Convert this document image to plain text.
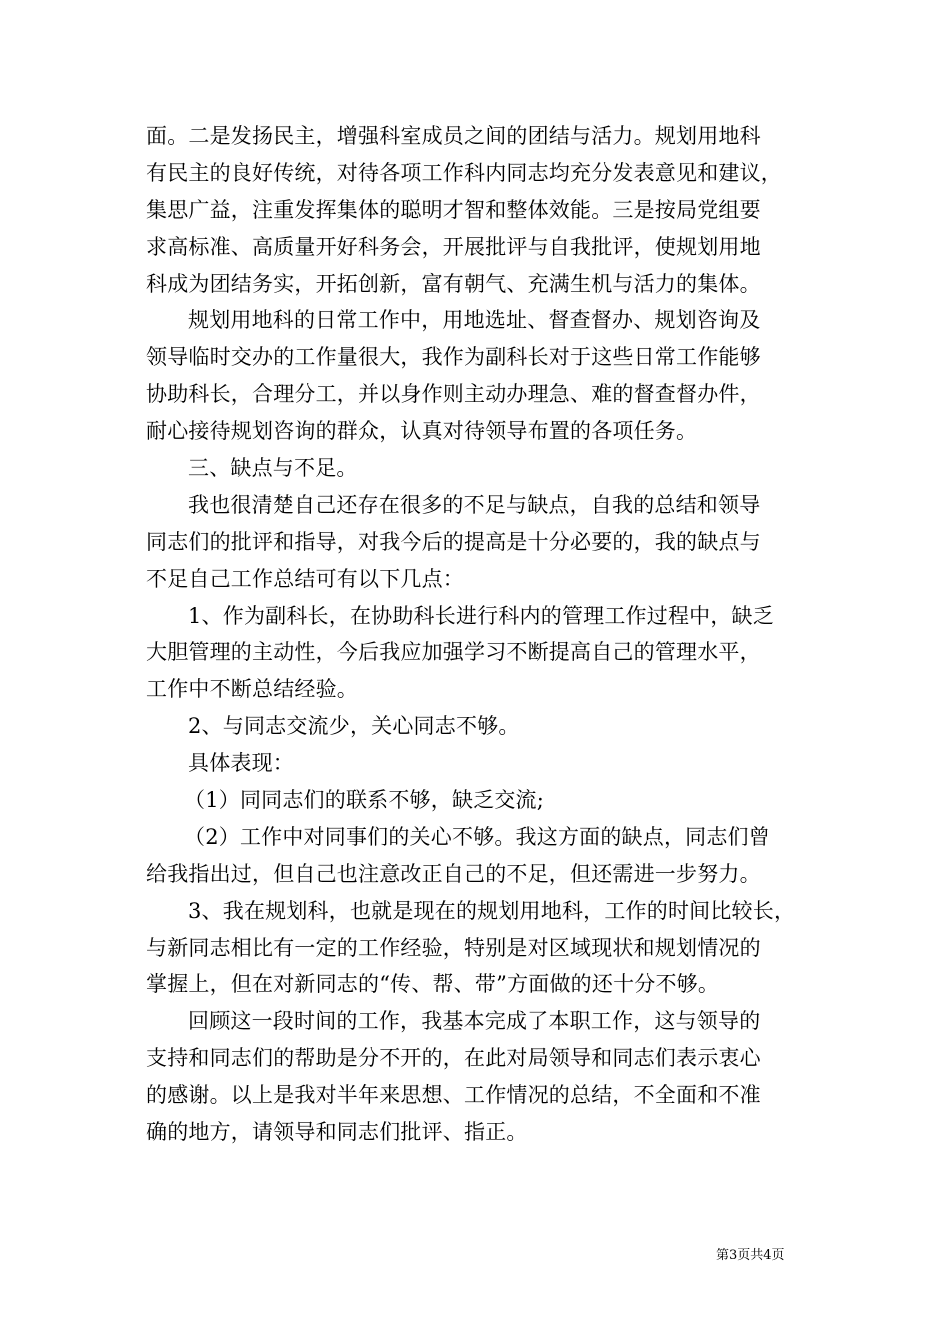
面。二是发扬民主，增强科室成员之间的团结与活力。规划用地科
有民主的良好传统，对待各项工作科内同志均充分发表意见和建议，
集思广益，注重发挥集体的聪明才智和整体效能。三是按局党组要
求高标准、高质量开好科务会，开展批评与自我批评，使规划用地
科成为团结务实，开拓创新，富有朝气、充满生机与活力的集体。
规划用地科的日常工作中，用地选址、督查督办、规划咨询及
领导临时交办的工作量很大，我作为副科长对于这些日常工作能够
协助科长，合理分工，并以身作则主动办理急、难的督查督办件，
耐心接待规划咨询的群众，认真对待领导布置的各项任务。
三、缺点与不足。
我也很清楚自己还存在很多的不足与缺点，自我的总结和领导
同志们的批评和指导，对我今后的提高是十分必要的，我的缺点与
不足自己工作总结可有以下几点：
1、作为副科长，在协助科长进行科内的管理工作过程中，缺乏
大胆管理的主动性，今后我应加强学习不断提高自己的管理水平，
工作中不断总结经验。
2、与同志交流少，关心同志不够。
具体表现：
（1）同同志们的联系不够，缺乏交流;
（2）工作中对同事们的关心不够。我这方面的缺点，同志们曾
给我指出过，但自己也注意改正自己的不足，但还需进一步努力。
3、我在规划科，也就是现在的规划用地科，工作的时间比较长，
与新同志相比有一定的工作经验，特别是对区域现状和规划情况的
掌握上，但在对新同志的“传、帮、带”方面做的还十分不够。
回顾这一段时间的工作，我基本完成了本职工作，这与领导的
支持和同志们的帮助是分不开的，在此对局领导和同志们表示衷心
的感谢。以上是我对半年来思想、工作情况的总结，不全面和不准
确的地方，请领导和同志们批评、指正。
第3页共4页
